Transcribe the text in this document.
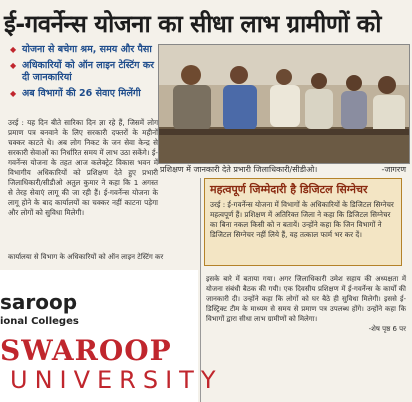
ई-गवर्नेन्स योजना का सीधा लाभ ग्रामीणों को
◆ योजना से बचेगा श्रम, समय और पैसा
◆ अधिकारियों को ऑन लाइन टेस्टिंग कर दी जानकारियां
◆ अब विभागों की 26 सेवाए मिलेंगी
प्रशिक्षण में जानकारी देते प्रभारी जिलाधिकारी/सीडीओ।	-जागरण
उरई : यह दिन बीते सारिका दिन ज्ञा रहे हैं, जिसमें लोग प्रमाण पत्र बनवाने के लिए सरकारी दफ्तरों के महीनों चक्कर काटते थे। अब लोग निकट के जन सेवा केन्द्र से सरकारी सेवाओं का निर्धारित समय में लाभ उठा सकेंगे। ई-गवर्नेन्स योजना के तहत आज कलेक्ट्रेट विकास भवन में विभागीय अधिकारियों को प्रशिक्षण देते हुए प्रभारी जिलाधिकारी/सीडीओ अतुल कुमार ने कहा कि 1 अगस्त से तेरह सेवाएं लागू की जा रही हैं। ई-गवर्नेन्स योजना के लागू होने के बाद कार्यालयों का चक्कर नहीं काटना पड़ेगा और लोगों को सुविधा मिलेगी।
कार्यालया से विभाग के अधिकारियों को ऑन लाइन टेस्टिंग कर
महत्वपूर्ण जिम्मेदारी है डिजिटल सिग्नेचर
उरई : ई-गवर्नेन्स योजना में विभागों के अधिकारियों के डिजिटल सिग्नेचर महत्वपूर्ण हैं। प्रशिक्षण में अतिरिक्त जिला ने कहा कि डिजिटल सिग्नेचर का बिना नकल किसी को न बतायें। उन्होंने कहा कि जिन विभागों ने डिजिटल सिग्नेचर नहीं लिये हैं, वह तत्काल फार्म भर कर दें।
saroop
ional Colleges
SWAROOP
UNIVERSITY
इसके बारे में बताया गया। अगर जिलाधिकारी उमेश सहाय की अध्यक्षता में योजना संबंधी बैठक की गयी। एक दिवसीय प्रशिक्षण में ई-गवर्नेन्स के कार्यों की जानकारी दी। उन्होंने कहा कि लोगों को घर बैठे ही सुविधा मिलेगी। इससे ई-डिस्ट्रिक्ट टीम के माध्यम से समय से प्रमाण पत्र उपलब्ध होंगे। उन्होंने कहा कि विभागों द्वारा सीधा लाभ ग्रामीणों को मिलेगा।
-शेष पृष्ठ 6 पर
